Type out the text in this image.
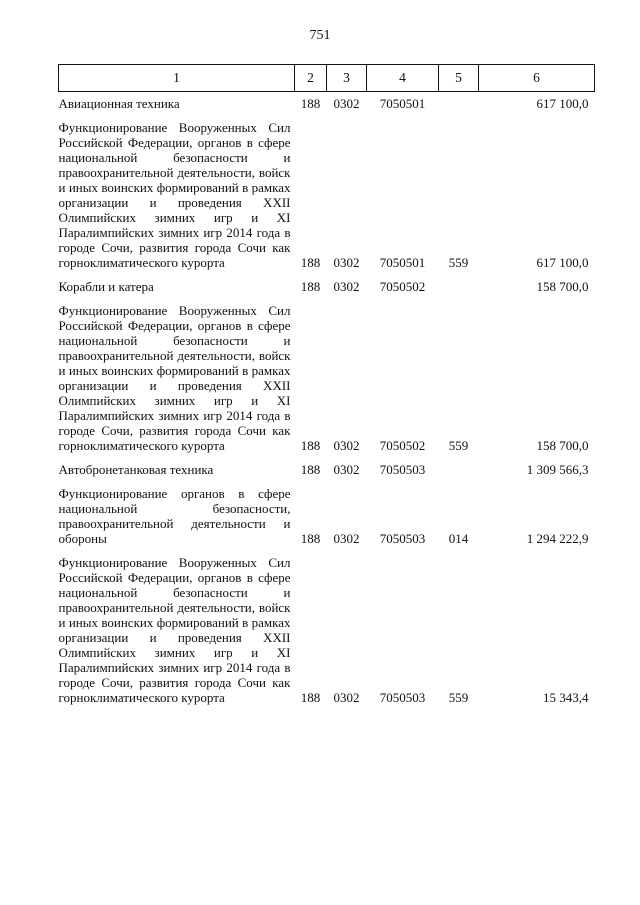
751
1	2	3	4	5	6
Авиационная техника	188	0302	7050501		617 100,0
Функционирование Вооруженных Сил Российской Федерации, органов в сфере национальной безопасности и правоохранительной деятельности, войск и иных воинских формирований в рамках организации и проведения XXII Олимпийских зимних игр и XI Паралимпийских зимних игр 2014 года в городе Сочи, развития города Сочи как горноклиматического курорта	188	0302	7050501	559	617 100,0
Корабли и катера	188	0302	7050502		158 700,0
Функционирование Вооруженных Сил Российской Федерации, органов в сфере национальной безопасности и правоохранительной деятельности, войск и иных воинских формирований в рамках организации и проведения XXII Олимпийских зимних игр и XI Паралимпийских зимних игр 2014 года в городе Сочи, развития города Сочи как горноклиматического курорта	188	0302	7050502	559	158 700,0
Автобронетанковая техника	188	0302	7050503		1 309 566,3
Функционирование органов в сфере национальной безопасности, правоохранительной деятельности и обороны	188	0302	7050503	014	1 294 222,9
Функционирование Вооруженных Сил Российской Федерации, органов в сфере национальной безопасности и правоохранительной деятельности, войск и иных воинских формирований в рамках организации и проведения XXII Олимпийских зимних игр и XI Паралимпийских зимних игр 2014 года в городе Сочи, развития города Сочи как горноклиматического курорта	188	0302	7050503	559	15 343,4
